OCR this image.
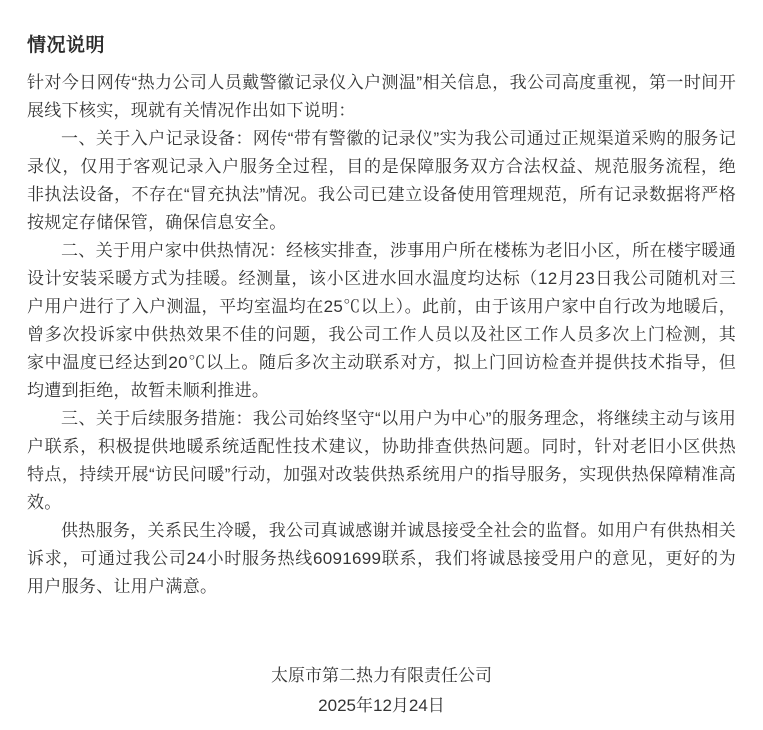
情况说明

针对今日网传“热力公司人员戴警徽记录仪入户测温”相关信息，我公司高度重视，第一时间开展线下核实，现就有关情况作出如下说明：

一、关于入户记录设备：网传“带有警徽的记录仪”实为我公司通过正规渠道采购的服务记录仪，仅用于客观记录入户服务全过程，目的是保障服务双方合法权益、规范服务流程，绝非执法设备，不存在“冒充执法”情况。我公司已建立设备使用管理规范，所有记录数据将严格按规定存储保管，确保信息安全。

二、关于用户家中供热情况：经核实排查，涉事用户所在楼栋为老旧小区，所在楼宇暖通设计安装采暖方式为挂暖。经测量，该小区进水回水温度均达标（12月23日我公司随机对三户用户进行了入户测温，平均室温均在25℃以上）。此前，由于该用户家中自行改为地暖后，曾多次投诉家中供热效果不佳的问题，我公司工作人员以及社区工作人员多次上门检测，其家中温度已经达到20℃以上。随后多次主动联系对方，拟上门回访检查并提供技术指导，但均遭到拒绝，故暂未顺利推进。

三、关于后续服务措施：我公司始终坚守“以用户为中心”的服务理念，将继续主动与该用户联系，积极提供地暖系统适配性技术建议，协助排查供热问题。同时，针对老旧小区供热特点，持续开展“访民问暖”行动，加强对改装供热系统用户的指导服务，实现供热保障精准高效。

供热服务，关系民生冷暖，我公司真诚感谢并诚恳接受全社会的监督。如用户有供热相关诉求，可通过我公司24小时服务热线6091699联系，我们将诚恳接受用户的意见，更好的为用户服务、让用户满意。

太原市第二热力有限责任公司
2025年12月24日
